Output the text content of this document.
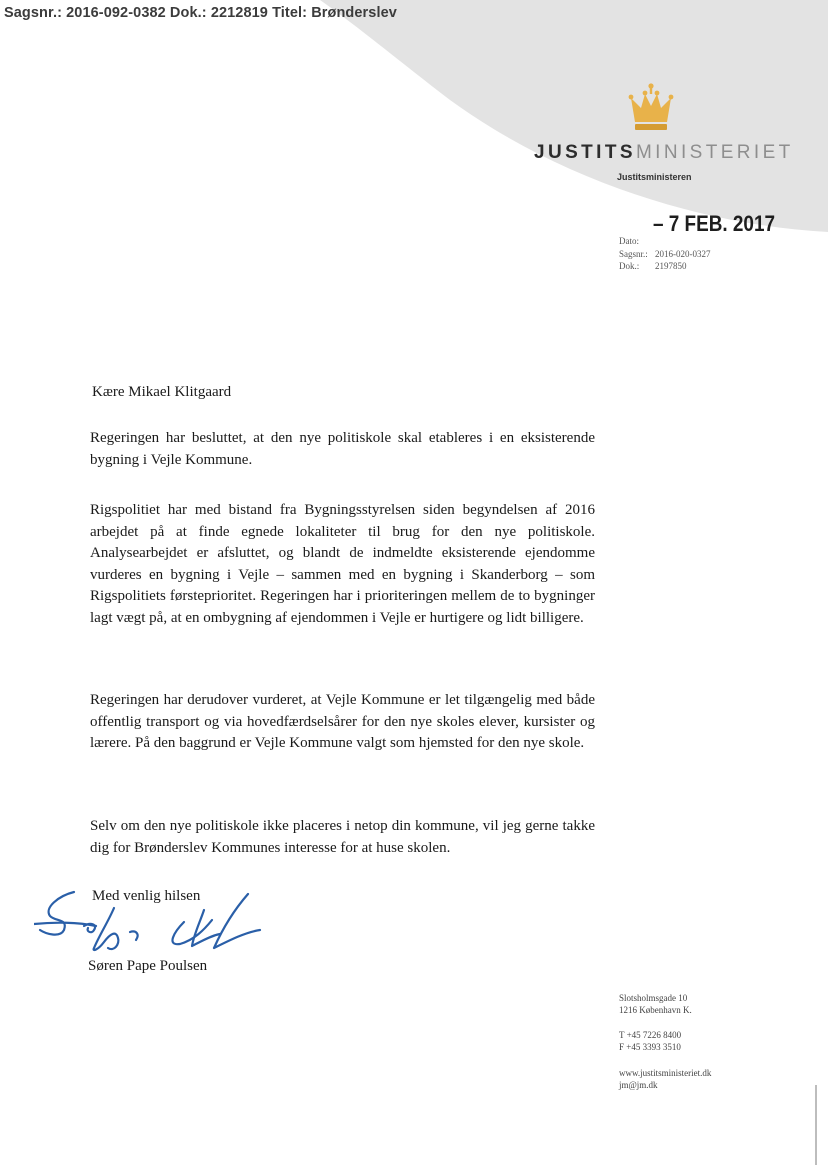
Sagsnr.: 2016-092-0382 Dok.: 2212819 Titel: Brønderslev
JUSTITSMINISTERIET
Justitsministeren
– 7 FEB. 2017
Dato:
Sagsnr.: 2016-020-0327
Dok.: 2197850
Kære Mikael Klitgaard

Regeringen har besluttet, at den nye politiskole skal etableres i en eksisterende bygning i Vejle Kommune.

Rigspolitiet har med bistand fra Bygningsstyrelsen siden begyndelsen af 2016 arbejdet på at finde egnede lokaliteter til brug for den nye politiskole. Analysearbejdet er afsluttet, og blandt de indmeldte eksisterende ejendomme vurderes en bygning i Vejle – sammen med en bygning i Skanderborg – som Rigspolitiets førsteprioritet. Regeringen har i prioriteringen mellem de to bygninger lagt vægt på, at en ombygning af ejendommen i Vejle er hurtigere og lidt billigere.

Regeringen har derudover vurderet, at Vejle Kommune er let tilgængelig med både offentlig transport og via hovedfærdselsårer for den nye skoles elever, kursister og lærere. På den baggrund er Vejle Kommune valgt som hjemsted for den nye skole.

Selv om den nye politiskole ikke placeres i netop din kommune, vil jeg gerne takke dig for Brønderslev Kommunes interesse for at huse skolen.

Med venlig hilsen
Søren Pape Poulsen
Slotsholmsgade 10
1216 København K.
T +45 7226 8400
F +45 3393 3510
www.justitsministeriet.dk
jm@jm.dk
